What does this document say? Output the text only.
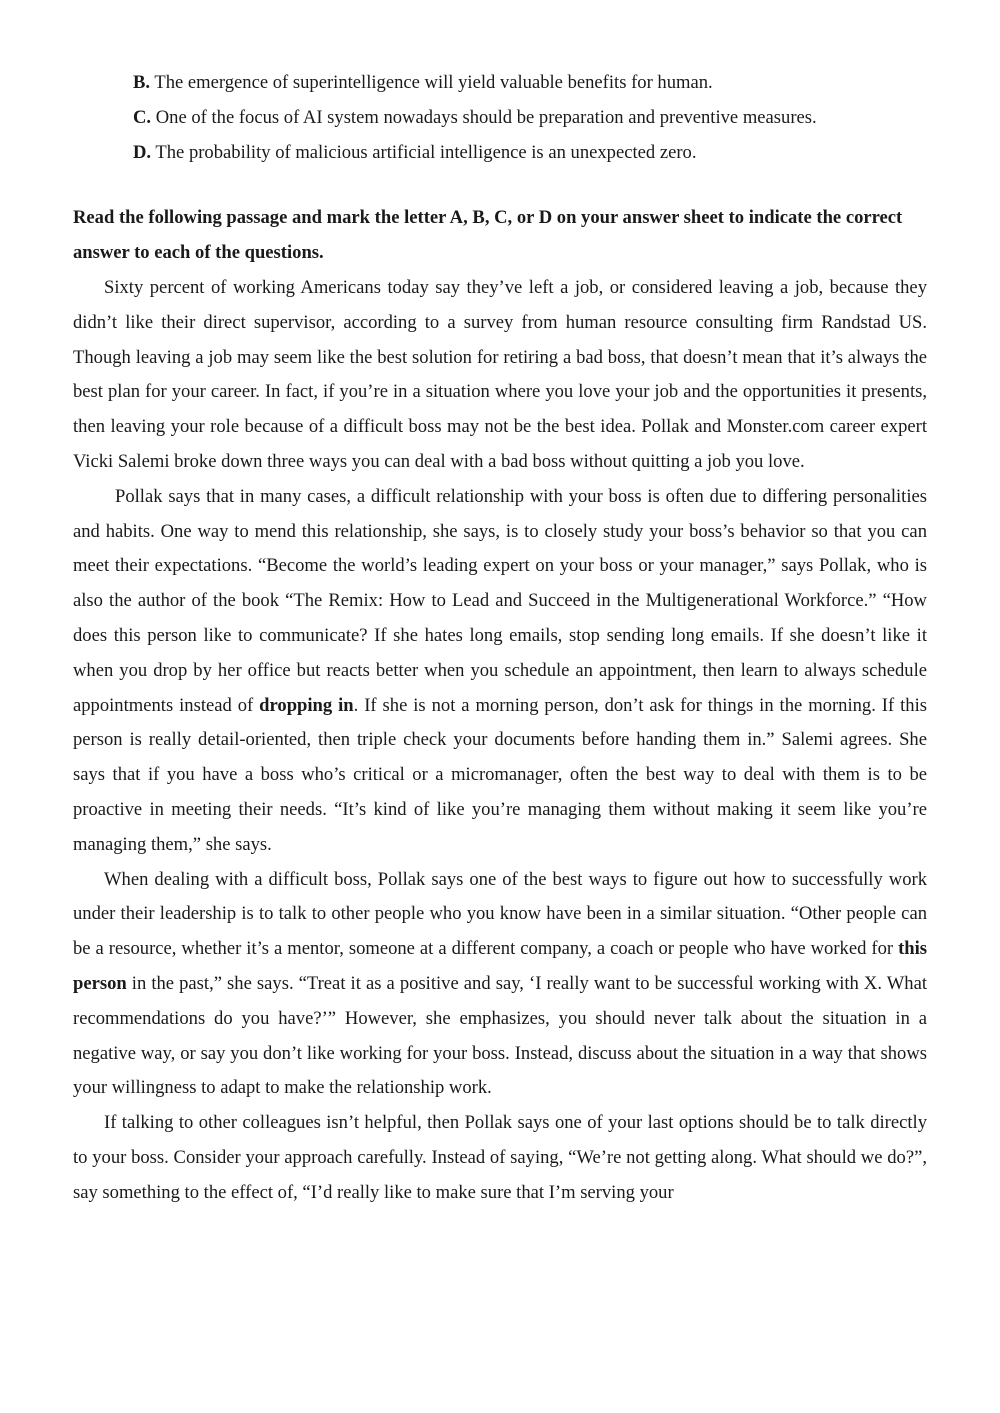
B. The emergence of superintelligence will yield valuable benefits for human.

C. One of the focus of AI system nowadays should be preparation and preventive measures.

D. The probability of malicious artificial intelligence is an unexpected zero.

Read the following passage and mark the letter A, B, C, or D on your answer sheet to indicate the correct answer to each of the questions.

Sixty percent of working Americans today say they’ve left a job, or considered leaving a job, because they didn’t like their direct supervisor, according to a survey from human resource consulting firm Randstad US. Though leaving a job may seem like the best solution for retiring a bad boss, that doesn’t mean that it’s always the best plan for your career. In fact, if you’re in a situation where you love your job and the opportunities it presents, then leaving your role because of a difficult boss may not be the best idea. Pollak and Monster.com career expert Vicki Salemi broke down three ways you can deal with a bad boss without quitting a job you love.

Pollak says that in many cases, a difficult relationship with your boss is often due to differing personalities and habits. One way to mend this relationship, she says, is to closely study your boss’s behavior so that you can meet their expectations. “Become the world’s leading expert on your boss or your manager,” says Pollak, who is also the author of the book “The Remix: How to Lead and Succeed in the Multigenerational Workforce.” “How does this person like to communicate? If she hates long emails, stop sending long emails. If she doesn’t like it when you drop by her office but reacts better when you schedule an appointment, then learn to always schedule appointments instead of dropping in. If she is not a morning person, don’t ask for things in the morning. If this person is really detail-oriented, then triple check your documents before handing them in.” Salemi agrees. She says that if you have a boss who’s critical or a micromanager, often the best way to deal with them is to be proactive in meeting their needs. “It’s kind of like you’re managing them without making it seem like you’re managing them,” she says.

When dealing with a difficult boss, Pollak says one of the best ways to figure out how to successfully work under their leadership is to talk to other people who you know have been in a similar situation. “Other people can be a resource, whether it’s a mentor, someone at a different company, a coach or people who have worked for this person in the past,” she says. “Treat it as a positive and say, ‘I really want to be successful working with X. What recommendations do you have?’” However, she emphasizes, you should never talk about the situation in a negative way, or say you don’t like working for your boss. Instead, discuss about the situation in a way that shows your willingness to adapt to make the relationship work.

If talking to other colleagues isn’t helpful, then Pollak says one of your last options should be to talk directly to your boss. Consider your approach carefully. Instead of saying, “We’re not getting along. What should we do?”, say something to the effect of, “I’d really like to make sure that I’m serving your
